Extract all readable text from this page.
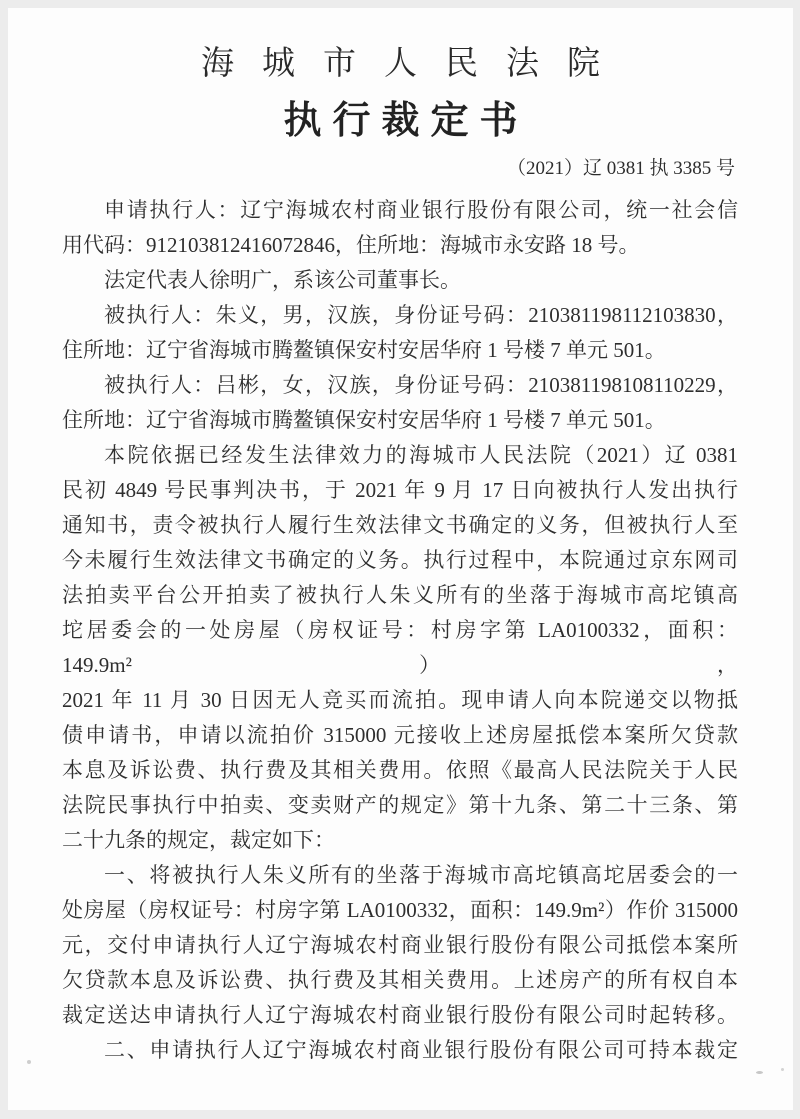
海城市人民法院
执行裁定书
（2021）辽 0381 执 3385 号
申请执行人：辽宁海城农村商业银行股份有限公司，统一社会信
用代码：912103812416072846，住所地：海城市永安路 18 号。
法定代表人徐明广，系该公司董事长。
被执行人：朱义，男，汉族，身份证号码：210381198112103830，
住所地：辽宁省海城市腾鳌镇保安村安居华府 1 号楼 7 单元 501。
被执行人：吕彬，女，汉族，身份证号码：210381198108110229，
住所地：辽宁省海城市腾鳌镇保安村安居华府 1 号楼 7 单元 501。
本院依据已经发生法律效力的海城市人民法院（2021）辽 0381
民初 4849 号民事判决书，于 2021 年 9 月 17 日向被执行人发出执行
通知书，责令被执行人履行生效法律文书确定的义务，但被执行人至
今未履行生效法律文书确定的义务。执行过程中，本院通过京东网司
法拍卖平台公开拍卖了被执行人朱义所有的坐落于海城市高坨镇高
坨居委会的一处房屋（房权证号：村房字第 LA0100332，面积：149.9m²），
2021 年 11 月 30 日因无人竞买而流拍。现申请人向本院递交以物抵
债申请书，申请以流拍价 315000 元接收上述房屋抵偿本案所欠贷款
本息及诉讼费、执行费及其相关费用。依照《最高人民法院关于人民
法院民事执行中拍卖、变卖财产的规定》第十九条、第二十三条、第
二十九条的规定，裁定如下：
一、将被执行人朱义所有的坐落于海城市高坨镇高坨居委会的一
处房屋（房权证号：村房字第 LA0100332，面积：149.9m²）作价 315000
元，交付申请执行人辽宁海城农村商业银行股份有限公司抵偿本案所
欠贷款本息及诉讼费、执行费及其相关费用。上述房产的所有权自本
裁定送达申请执行人辽宁海城农村商业银行股份有限公司时起转移。
二、申请执行人辽宁海城农村商业银行股份有限公司可持本裁定
